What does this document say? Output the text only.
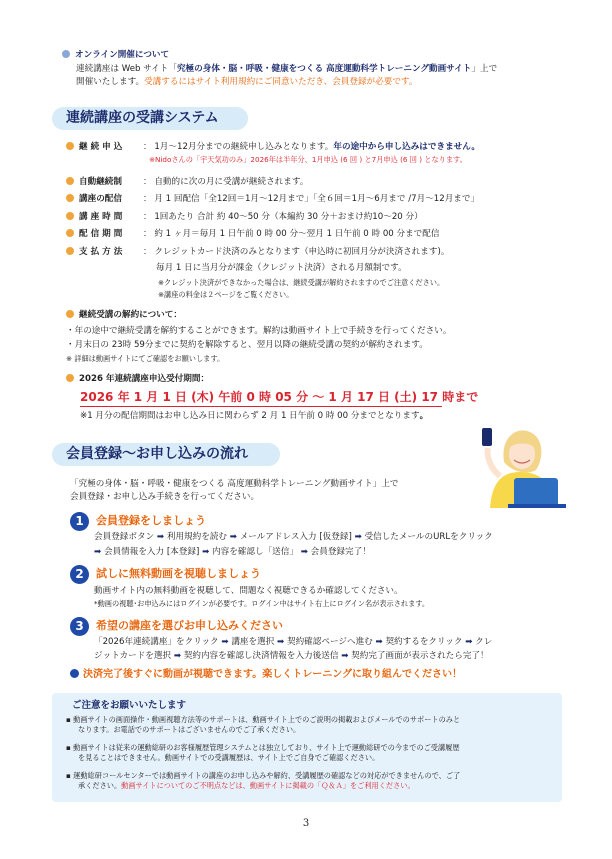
オンライン開催について
連続講座は Web サイト「究極の身体・脳・呼吸・健康をつくる 高度運動科学トレーニング動画サイト」上で
開催いたします。受講するにはサイト利用規約にご同意いただき、会員登録が必要です。
連続講座の受講システム
継 続 申 込 ： 1月～12月分までの継続申し込みとなります。年の途中から申し込みはできません。
※Nidoさんの「宇天気功のみ」2026年は半年分、1月申込 (6 回 ) と7月申込 (6 回 ) となります。
自動継続制 ： 自動的に次の月に受講が継続されます。
講座の配信 ： 月 1 回配信「全12回＝1月～12月まで」「全６回＝1月～6月まで /7月～12月まで」
講 座 時 間 ： 1回あたり 合計 約 40～50 分（本編約 30 分＋おまけ約10～20 分）
配 信 期 間 ： 約 1 ヶ月＝毎月 1 日午前 0 時 00 分～翌月 1 日午前 0 時 00 分まで配信
支 払 方 法 ： クレジットカード決済のみとなります（申込時に初回月分が決済されます)。
毎月 1 日に当月分が課金（クレジット決済）される月額制です。
※クレジット決済ができなかった場合は、継続受講が解約されますのでご注意ください。
※講座の料金は２ページをご覧ください。
継続受講の解約について：
・年の途中で継続受講を解約することができます。解約は動画サイト上で手続きを行ってください。
・月末日の 23時 59分までに契約を解除すると、翌月以降の継続受講の契約が解約されます。
※ 詳細は動画サイトにてご確認をお願いします。
2026 年連続講座申込受付期間：
2026 年 1 月 1 日 (木) 午前 0 時 05 分 ～ 1 月 17 日 (土) 17 時まで
※1 月分の配信期間はお申し込み日に関わらず 2 月 1 日午前 0 時 00 分までとなります。
会員登録～お申し込みの流れ
「究極の身体・脳・呼吸・健康をつくる 高度運動科学トレーニング動画サイト」上で
会員登録・お申し込み手続きを行ってください。
1	会員登録をしましょう
会員登録ボタン ➡ 利用規約を読む ➡ メールアドレス入力 [仮登録] ➡ 受信したメールのURLをクリック
➡ 会員情報を入力 [本登録] ➡ 内容を確認し「送信」 ➡ 会員登録完了！
2	試しに無料動画を視聴しましょう
動画サイト内の無料動画を視聴して、問題なく視聴できるか確認してください。
*動画の視聴･お申込みにはログインが必要です。ログイン中はサイト右上にログイン名が表示されます。
3	希望の講座を選びお申し込みください
「2026年連続講座」をクリック ➡ 講座を選択 ➡ 契約確認ページへ進む ➡ 契約するをクリック ➡ クレ
ジットカードを選択 ➡ 契約内容を確認し決済情報を入力後送信 ➡ 契約完了画面が表示されたら完了！
決済完了後すぐに動画が視聴できます。楽しくトレーニングに取り組んでください！
ご注意をお願いいたします
▪ 動画サイトの画面操作・動画視聴方法等のサポートは、動画サイト上でのご説明の掲載およびメールでのサポートのみと
なります。お電話でのサポートはございませんのでご了承ください。
▪ 動画サイトは従来の運動総研のお客様履歴管理システムとは独立しており、サイト上で運動総研での今までのご受講履歴
を見ることはできません。動画サイトでの受講履歴は、サイト上でご自身でご確認ください。
▪ 運動総研コールセンターでは動画サイトの講座のお申し込みや解約、受講履歴の確認などの対応ができませんので、ご了
承ください。動画サイトについてのご不明点などは、動画サイトに掲載の「Ｑ＆Ａ」をご利用ください。
3
